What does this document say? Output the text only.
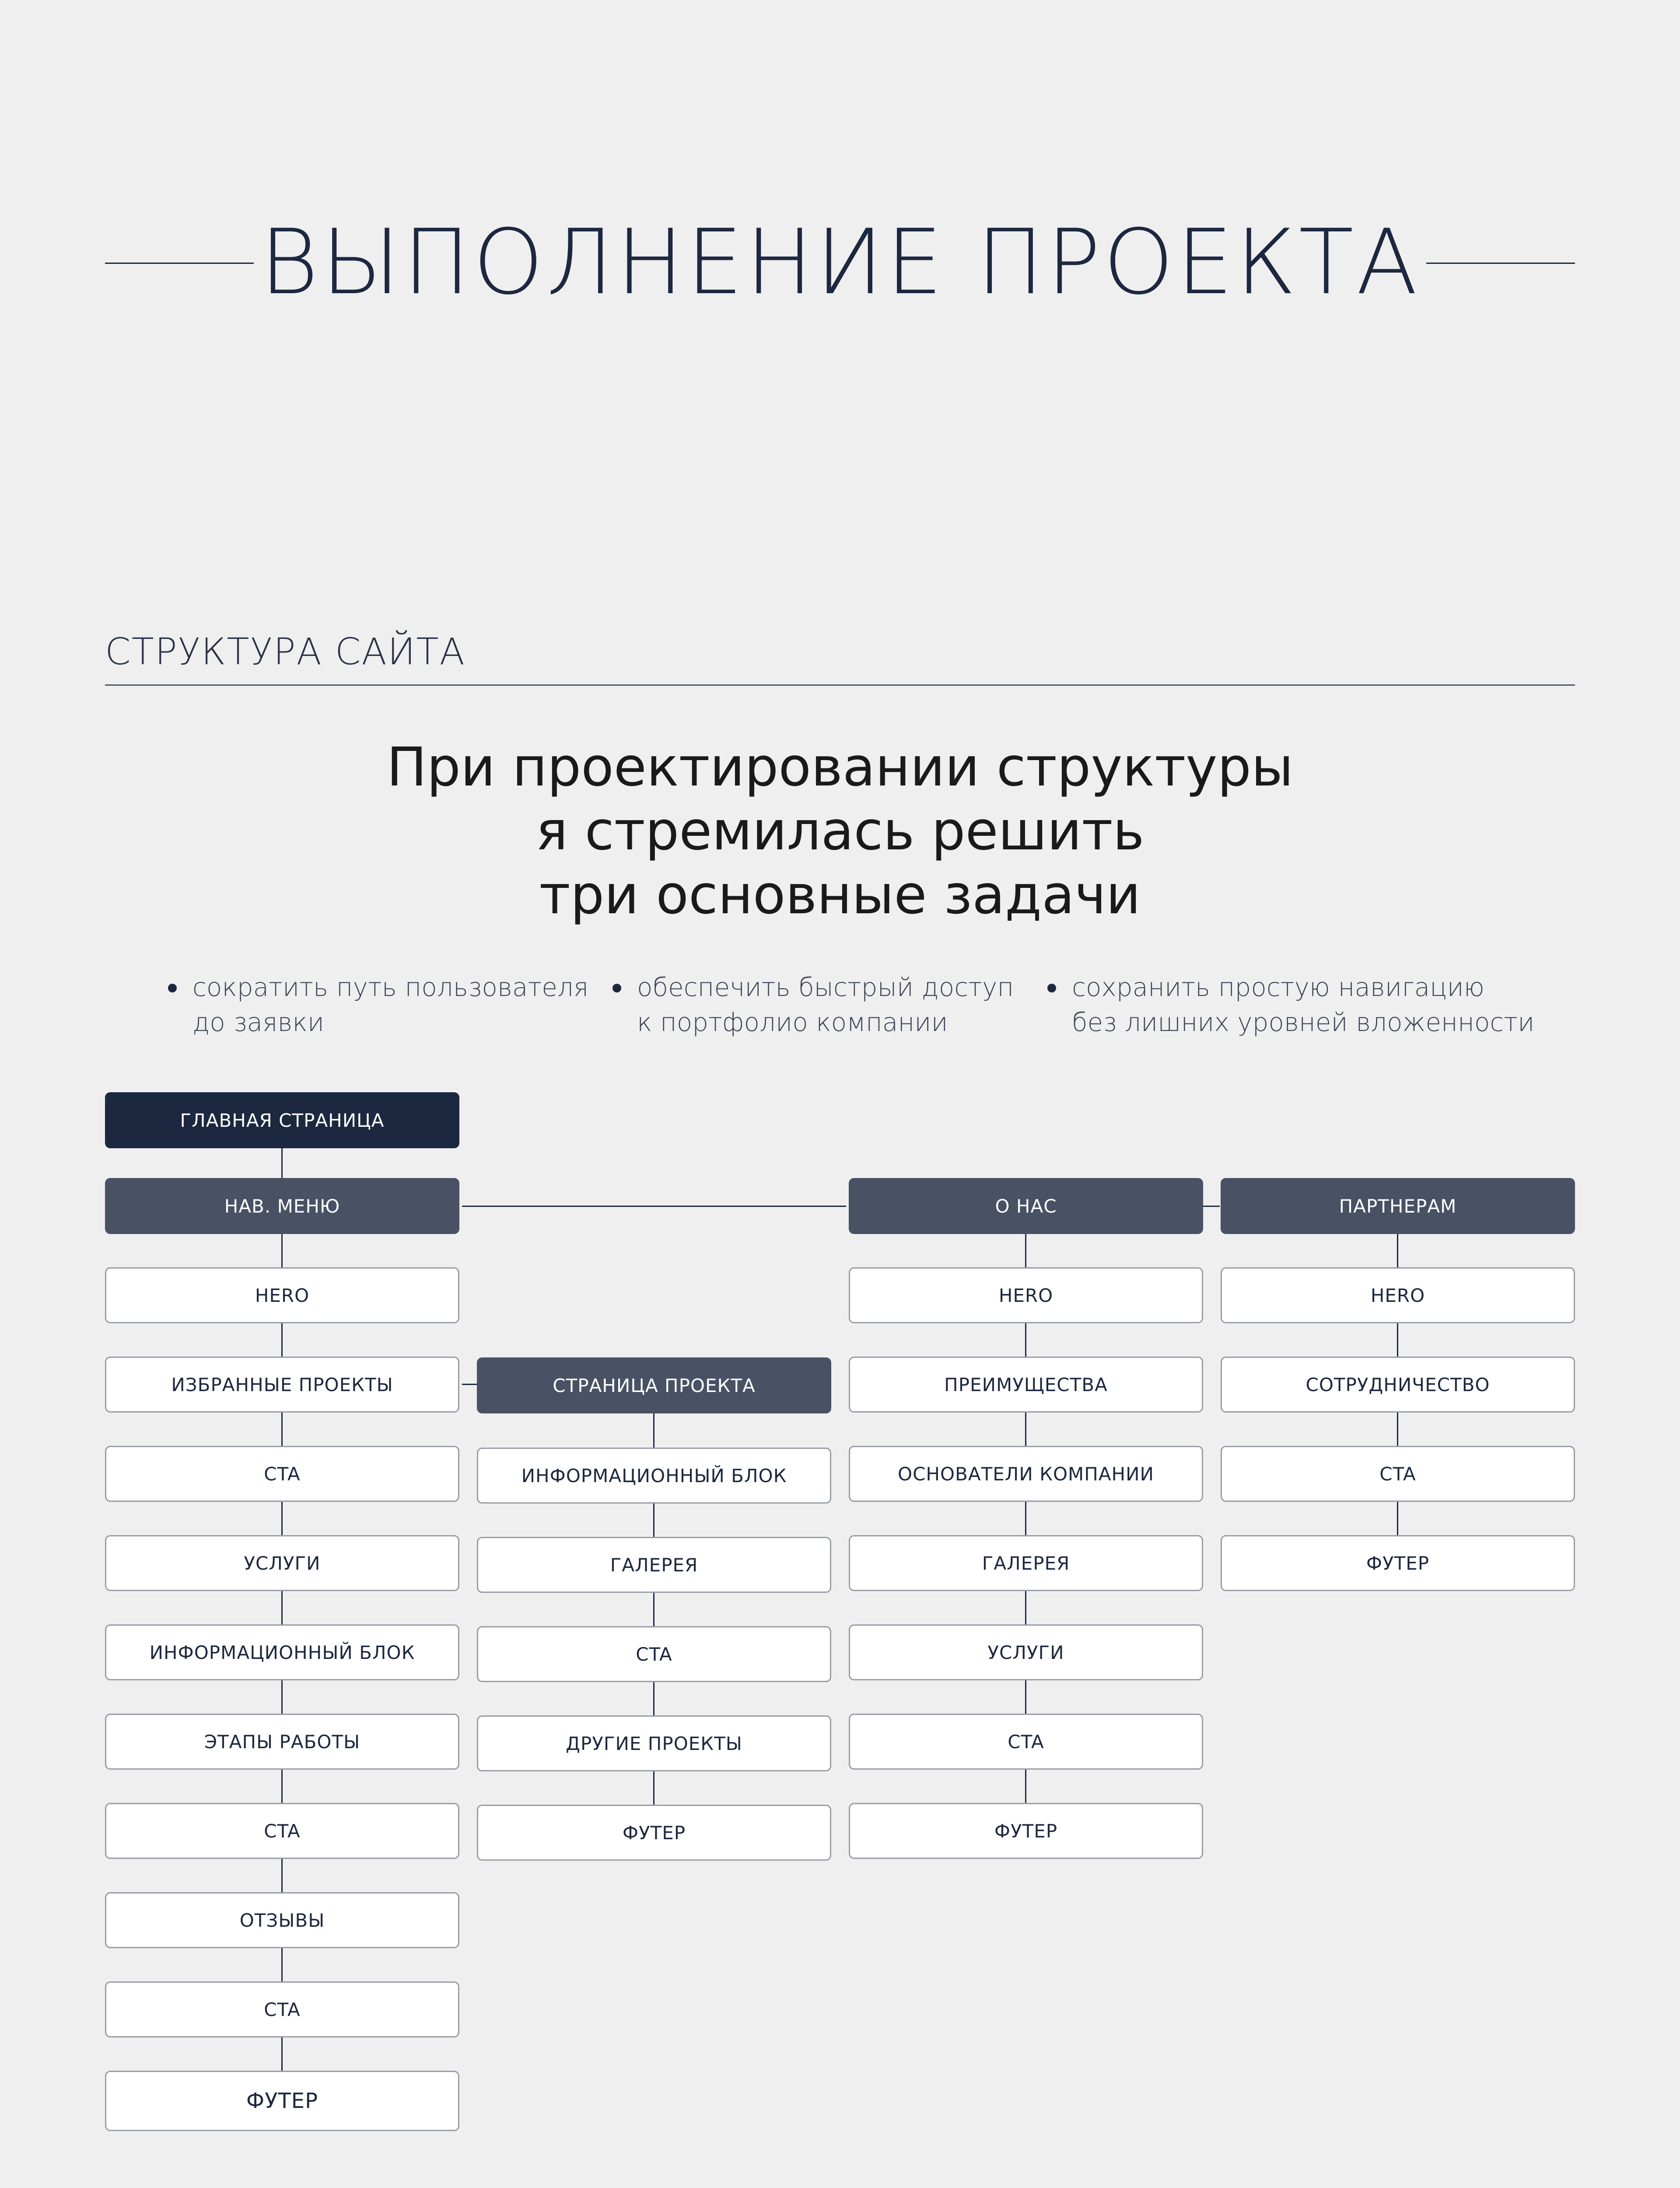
ВЫПОЛНЕНИЕ ПРОЕКТА
СТРУКТУРА САЙТА
При проектировании структуры
я стремилась решить
три основные задачи
сократить путь пользователя
до заявки
обеспечить быстрый доступ
к портфолио компании
сохранить простую навигацию
без лишних уровней вложенности
ГЛАВНАЯ СТРАНИЦА
НАВ. МЕНЮ
HERO
ИЗБРАННЫЕ ПРОЕКТЫ
CTA
УСЛУГИ
ИНФОРМАЦИОННЫЙ БЛОК
ЭТАПЫ РАБОТЫ
CTA
ОТЗЫВЫ
CTA
ФУТЕР
СТРАНИЦА ПРОЕКТА
ИНФОРМАЦИОННЫЙ БЛОК
ГАЛЕРЕЯ
CTA
ДРУГИЕ ПРОЕКТЫ
ФУТЕР
О НАС
HERO
ПРЕИМУЩЕСТВА
ОСНОВАТЕЛИ КОМПАНИИ
ГАЛЕРЕЯ
УСЛУГИ
CTA
ФУТЕР
ПАРТНЕРАМ
HERO
СОТРУДНИЧЕСТВО
CTA
ФУТЕР
